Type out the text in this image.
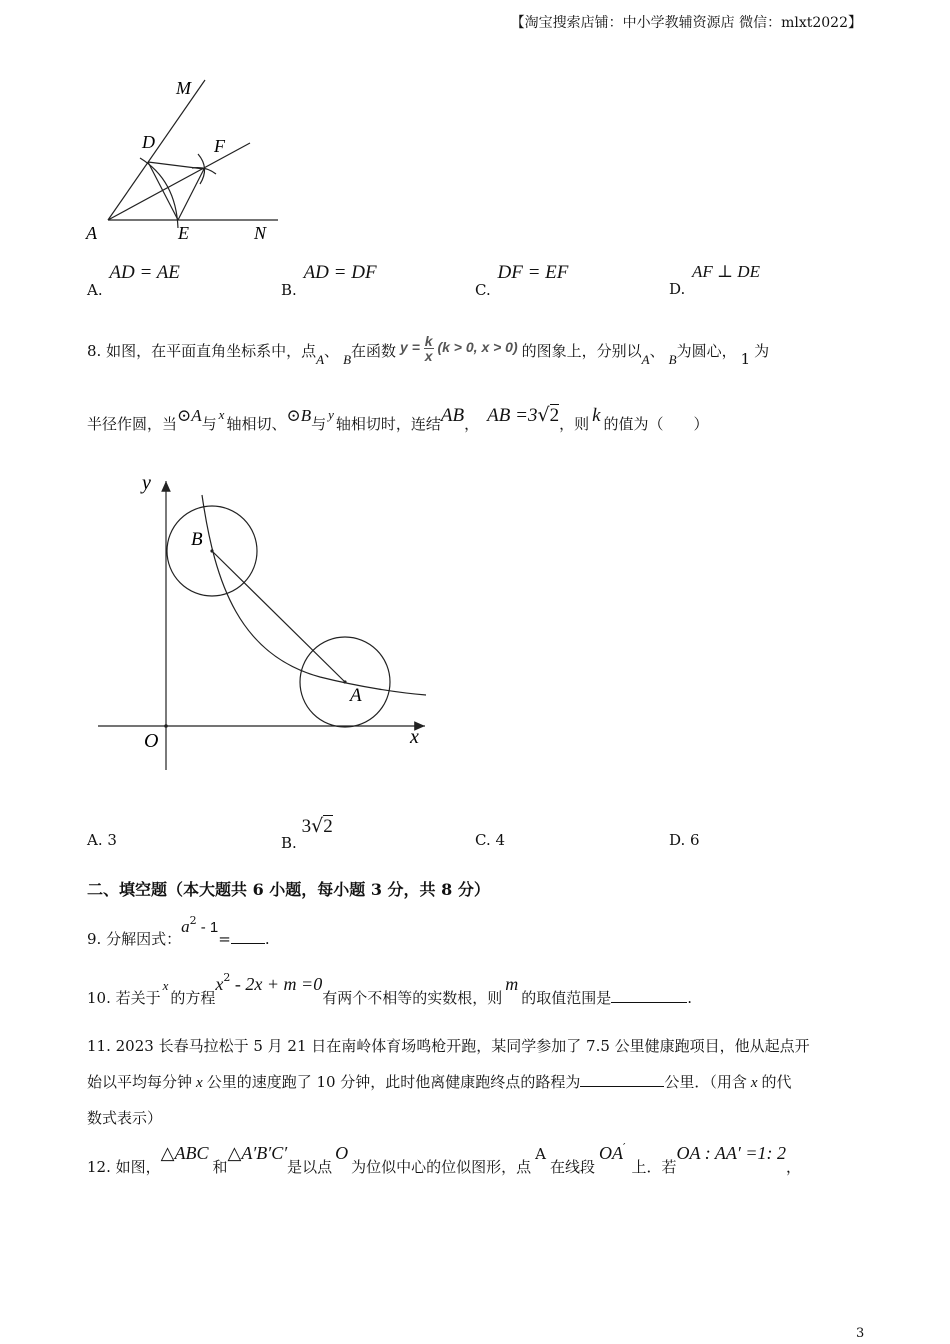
【淘宝搜索店铺：中小学教辅资源店 微信：mlxt2022】
M
D	F
A	E	N
A. AD = AE
B. AD = DF
C. DF = EF
D. AF ⊥ DE
8. 如图，在平面直角坐标系中，点A、 B在函数 $y = \frac{k}{x} (k > 0$, x > 0) 的图象上，分别以A、 B为圆心， 1 为
半径作圆，当⊙A与x轴相切、⊙B与y轴相切时，连结AB， AB =3√2，则 k 的值为（　　）
y
B
A
O	x
A. 3	B. 3√2
C. 4	D. 6
二、填空题（本大题共 6 小题，每小题 3 分，共 8 分）
9. 分解因式：$a^2 - 1=$ .
10. 若关于x的方程$x^2 - 2x + m =0$有两个不相等的实数根，则m的取值范围是	.
11. 2023 长春马拉松于 5 月 21 日在南岭体育场鸣枪开跑，某同学参加了 7.5 公里健康跑项目，他从起点开
始以平均每分钟 x 公里的速度跑了 10 分钟，此时他离健康跑终点的路程为	公里．（用含 x 的代
数式表示）
12. 如图，△ABC和△A′B′C′是以点O为位似中心的位似图形，点A在线段OA′上．若OA : AA′ =1: 2，
3
